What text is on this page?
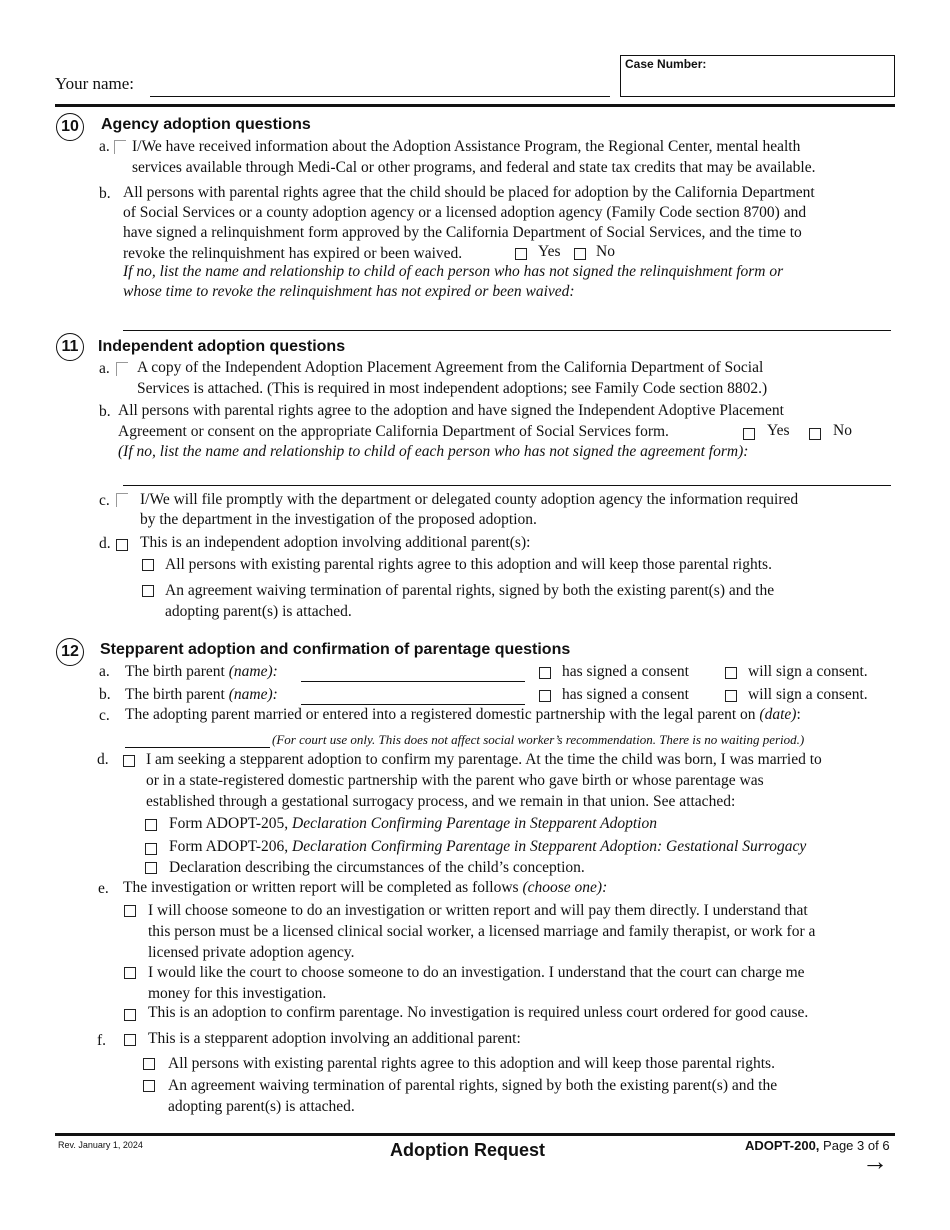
Your name:
Case Number:
10	Agency adoption questions
a. I/We have received information about the Adoption Assistance Program, the Regional Center, mental health
services available through Medi-Cal or other programs, and federal and state tax credits that may be available.
b. All persons with parental rights agree that the child should be placed for adoption by the California Department
of Social Services or a county adoption agency or a licensed adoption agency (Family Code section 8700) and
have signed a relinquishment form approved by the California Department of Social Services, and the time to
revoke the relinquishment has expired or been waived.	Yes No
If no, list the name and relationship to child of each person who has not signed the relinquishment form or
whose time to revoke the relinquishment has not expired or been waived:
11	Independent adoption questions
a. A copy of the Independent Adoption Placement Agreement from the California Department of Social
Services is attached. (This is required in most independent adoptions; see Family Code section 8802.)
b. All persons with parental rights agree to the adoption and have signed the Independent Adoptive Placement
Agreement or consent on the appropriate California Department of Social Services form.	Yes	No
(If no, list the name and relationship to child of each person who has not signed the agreement form):
c. I/We will file promptly with the department or delegated county adoption agency the information required
by the department in the investigation of the proposed adoption.
d. This is an independent adoption involving additional parent(s):
All persons with existing parental rights agree to this adoption and will keep those parental rights.
An agreement waiving termination of parental rights, signed by both the existing parent(s) and the
adopting parent(s) is attached.
12	Stepparent adoption and confirmation of parentage questions
a. The birth parent (name):	has signed a consent	will sign a consent.
b. The birth parent (name):	has signed a consent	will sign a consent.
c. The adopting parent married or entered into a registered domestic partnership with the legal parent on (date):
(For court use only. This does not affect social worker’s recommendation. There is no waiting period.)
d. I am seeking a stepparent adoption to confirm my parentage. At the time the child was born, I was married to
or in a state-registered domestic partnership with the parent who gave birth or whose parentage was
established through a gestational surrogacy process, and we remain in that union. See attached:
Form ADOPT-205, Declaration Confirming Parentage in Stepparent Adoption
Form ADOPT-206, Declaration Confirming Parentage in Stepparent Adoption: Gestational Surrogacy
Declaration describing the circumstances of the child’s conception.
e. The investigation or written report will be completed as follows (choose one):
I will choose someone to do an investigation or written report and will pay them directly. I understand that
this person must be a licensed clinical social worker, a licensed marriage and family therapist, or work for a
licensed private adoption agency.
I would like the court to choose someone to do an investigation. I understand that the court can charge me
money for this investigation.
This is an adoption to confirm parentage. No investigation is required unless court ordered for good cause.
f.	This is a stepparent adoption involving an additional parent:
All persons with existing parental rights agree to this adoption and will keep those parental rights.
An agreement waiving termination of parental rights, signed by both the existing parent(s) and the
adopting parent(s) is attached.
Rev. January 1, 2024	Adoption Request	ADOPT-200, Page 3 of 6
→
